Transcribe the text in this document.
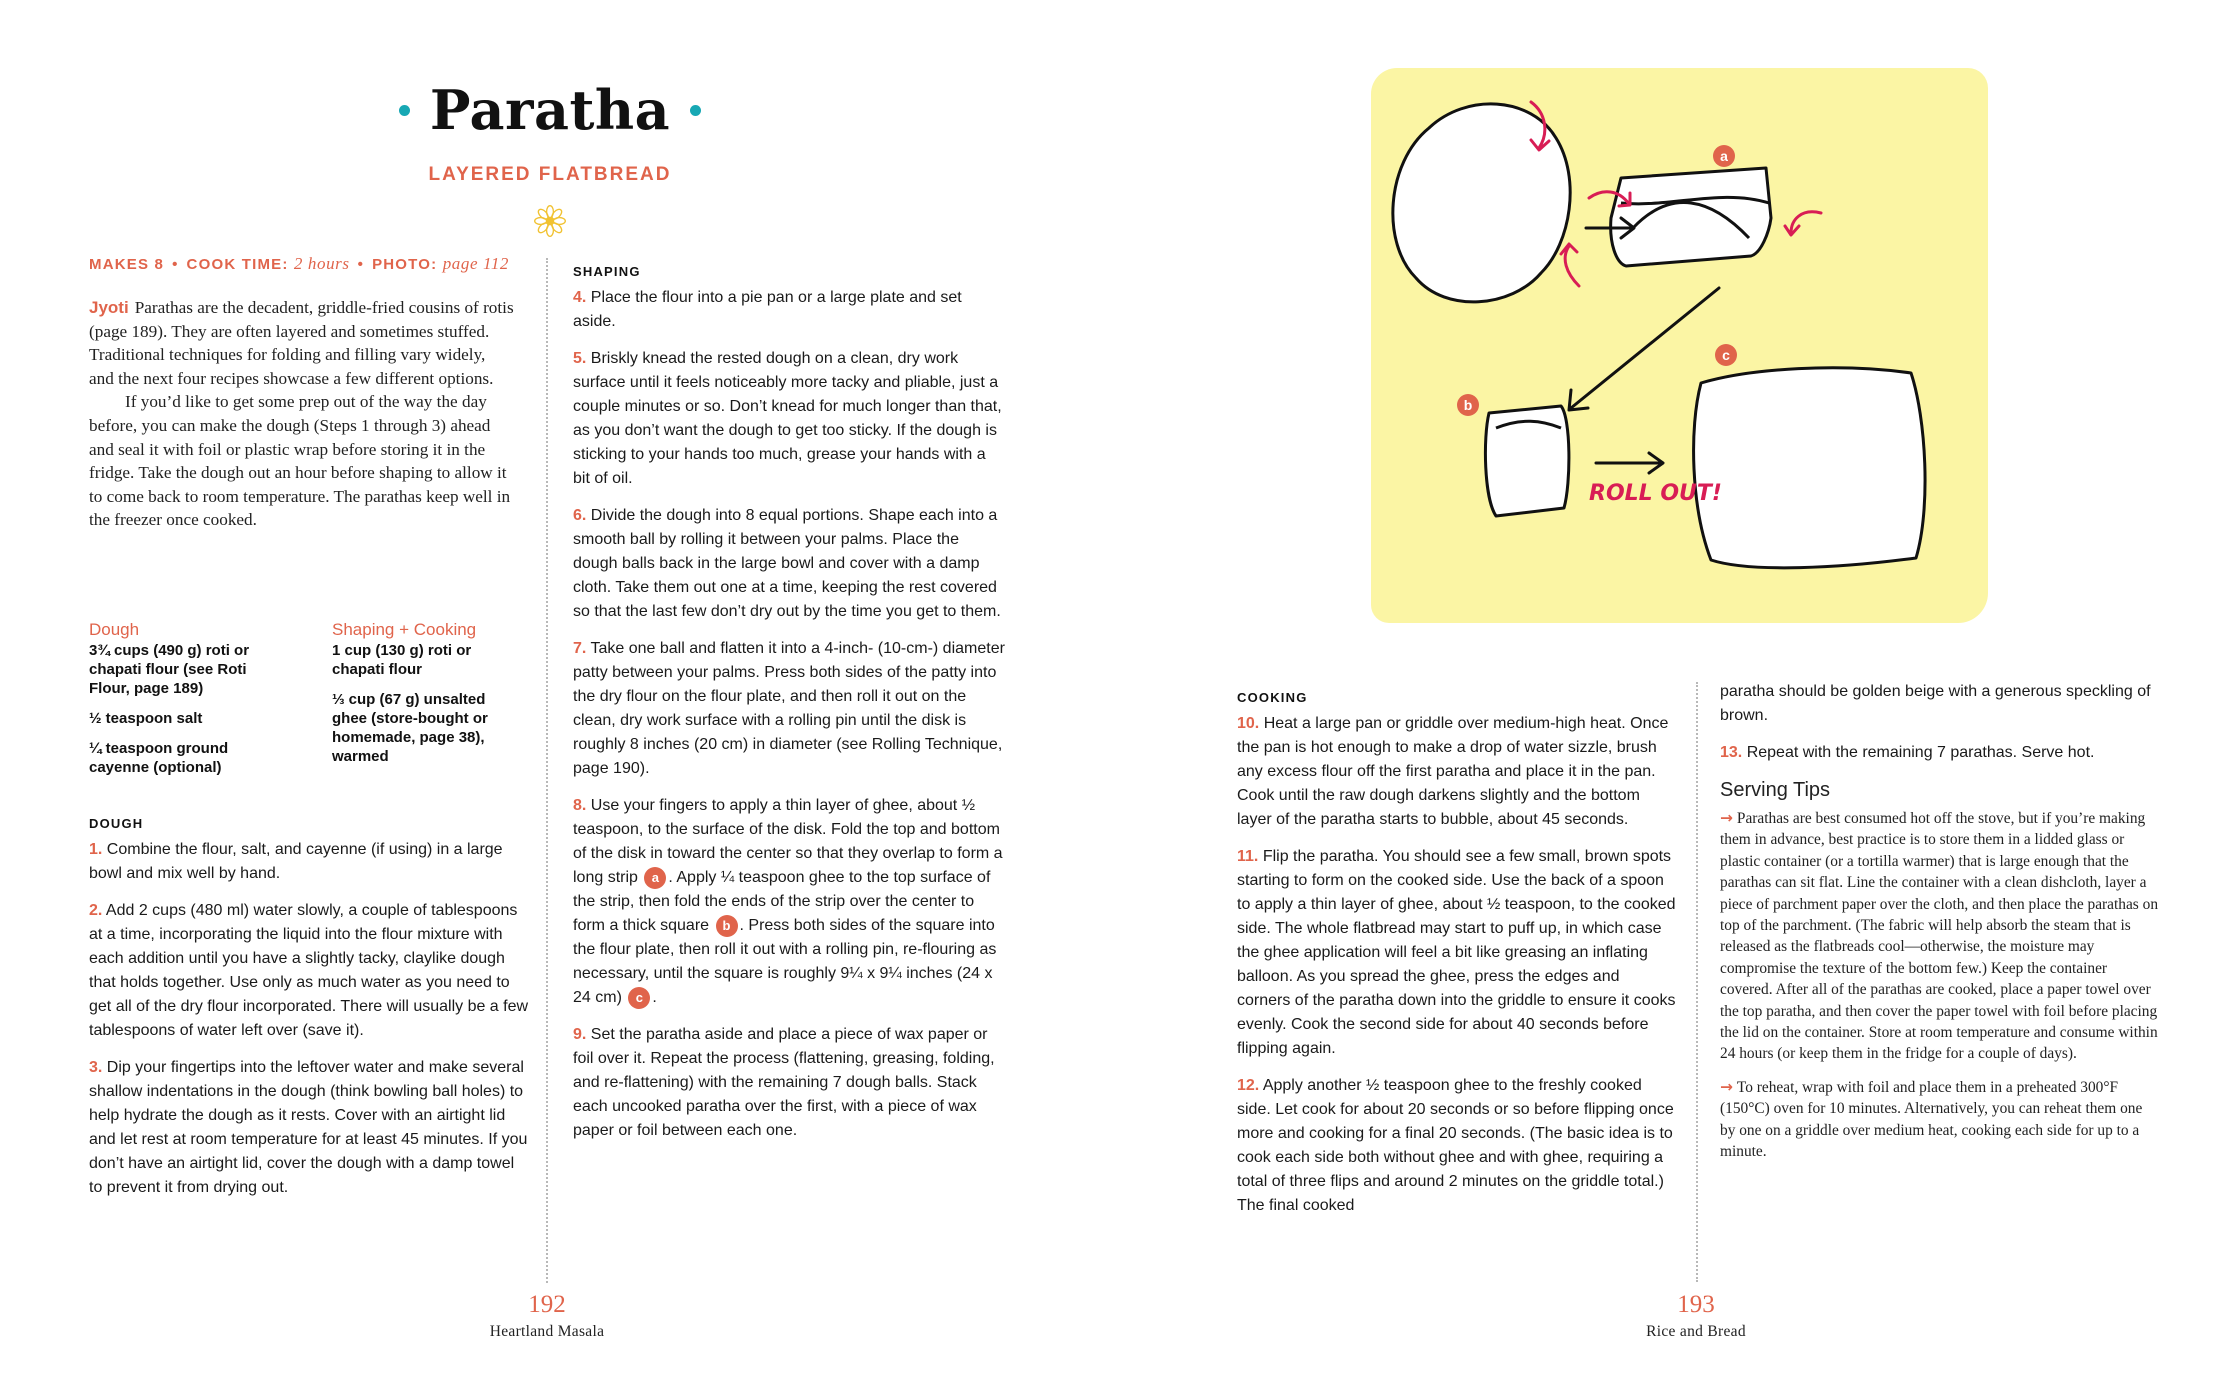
Paratha
LAYERED FLATBREAD
MAKES 8 • COOK TIME: 2 hours • PHOTO: page 112

Jyoti Parathas are the decadent, griddle-fried cousins of rotis (page 189). They are often layered and sometimes stuffed. Traditional techniques for folding and filling vary widely, and the next four recipes showcase a few different options.

If you’d like to get some prep out of the way the day before, you can make the dough (Steps 1 through 3) ahead and seal it with foil or plastic wrap before storing it in the fridge. Take the dough out an hour before shaping to allow it to come back to room temperature. The parathas keep well in the freezer once cooked.

Dough
3¾ cups (490 g) roti or chapati flour (see Roti Flour, page 189)
½ teaspoon salt
¼ teaspoon ground cayenne (optional)
Shaping + Cooking
1 cup (130 g) roti or chapati flour
⅓ cup (67 g) unsalted ghee (store-bought or homemade, page 38), warmed
DOUGH
1. Combine the flour, salt, and cayenne (if using) in a large bowl and mix well by hand.
2. Add 2 cups (480 ml) water slowly, a couple of tablespoons at a time, incorporating the liquid into the flour mixture with each addition until you have a slightly tacky, claylike dough that holds together. Use only as much water as you need to get all of the dry flour incorporated. There will usually be a few tablespoons of water left over (save it).
3. Dip your fingertips into the leftover water and make several shallow indentations in the dough (think bowling ball holes) to help hydrate the dough as it rests. Cover with an airtight lid and let rest at room temperature for at least 45 minutes. If you don’t have an airtight lid, cover the dough with a damp towel to prevent it from drying out.
SHAPING
4. Place the flour into a pie pan or a large plate and set aside.
5. Briskly knead the rested dough on a clean, dry work surface until it feels noticeably more tacky and pliable, just a couple minutes or so. Don’t knead for much longer than that, as you don’t want the dough to get too sticky. If the dough is sticking to your hands too much, grease your hands with a bit of oil.
6. Divide the dough into 8 equal portions. Shape each into a smooth ball by rolling it between your palms. Place the dough balls back in the large bowl and cover with a damp cloth. Take them out one at a time, keeping the rest covered so that the last few don’t dry out by the time you get to them.
7. Take one ball and flatten it into a 4-inch- (10-cm-) diameter patty between your palms. Press both sides of the patty into the dry flour on the flour plate, and then roll it out on the clean, dry work surface with a rolling pin until the disk is roughly 8 inches (20 cm) in diameter (see Rolling Technique, page 190).
8. Use your fingers to apply a thin layer of ghee, about ½ teaspoon, to the surface of the disk. Fold the top and bottom of the disk in toward the center so that they overlap to form a long strip a . Apply ¼ teaspoon ghee to the top surface of the strip, then fold the ends of the strip over the center to form a thick square b . Press both sides of the square into the flour plate, then roll it out with a rolling pin, re-flouring as necessary, until the square is roughly 9¼ x 9¼ inches (24 x 24 cm) c .
9. Set the paratha aside and place a piece of wax paper or foil over it. Repeat the process (flattening, greasing, folding, and re-flattening) with the remaining 7 dough balls. Stack each uncooked paratha over the first, with a piece of wax paper or foil between each one.
192
Heartland Masala
a
b
c
ROLL OUT!
COOKING
10. Heat a large pan or griddle over medium-high heat. Once the pan is hot enough to make a drop of water sizzle, brush any excess flour off the first paratha and place it in the pan. Cook until the raw dough darkens slightly and the bottom layer of the paratha starts to bubble, about 45 seconds.
11. Flip the paratha. You should see a few small, brown spots starting to form on the cooked side. Use the back of a spoon to apply a thin layer of ghee, about ½ teaspoon, to the cooked side. The whole flatbread may start to puff up, in which case the ghee application will feel a bit like greasing an inflating balloon. As you spread the ghee, press the edges and corners of the paratha down into the griddle to ensure it cooks evenly. Cook the second side for about 40 seconds before flipping again.
12. Apply another ½ teaspoon ghee to the freshly cooked side. Let cook for about 20 seconds or so before flipping once more and cooking for a final 20 seconds. (The basic idea is to cook each side both without ghee and with ghee, requiring a total of three flips and around 2 minutes on the griddle total.) The final cooked
paratha should be golden beige with a generous speckling of brown.
13. Repeat with the remaining 7 parathas. Serve hot.
Serving Tips
→ Parathas are best consumed hot off the stove, but if you’re making them in advance, best practice is to store them in a lidded glass or plastic container (or a tortilla warmer) that is large enough that the parathas can sit flat. Line the container with a clean dishcloth, layer a piece of parchment paper over the cloth, and then place the parathas on top of the parchment. (The fabric will help absorb the steam that is released as the flatbreads cool—otherwise, the moisture may compromise the texture of the bottom few.) Keep the container covered. After all of the parathas are cooked, place a paper towel over the top paratha, and then cover the paper towel with foil before placing the lid on the container. Store at room temperature and consume within 24 hours (or keep them in the fridge for a couple of days).
→ To reheat, wrap with foil and place them in a preheated 300°F (150°C) oven for 10 minutes. Alternatively, you can reheat them one by one on a griddle over medium heat, cooking each side for up to a minute.
193
Rice and Bread
